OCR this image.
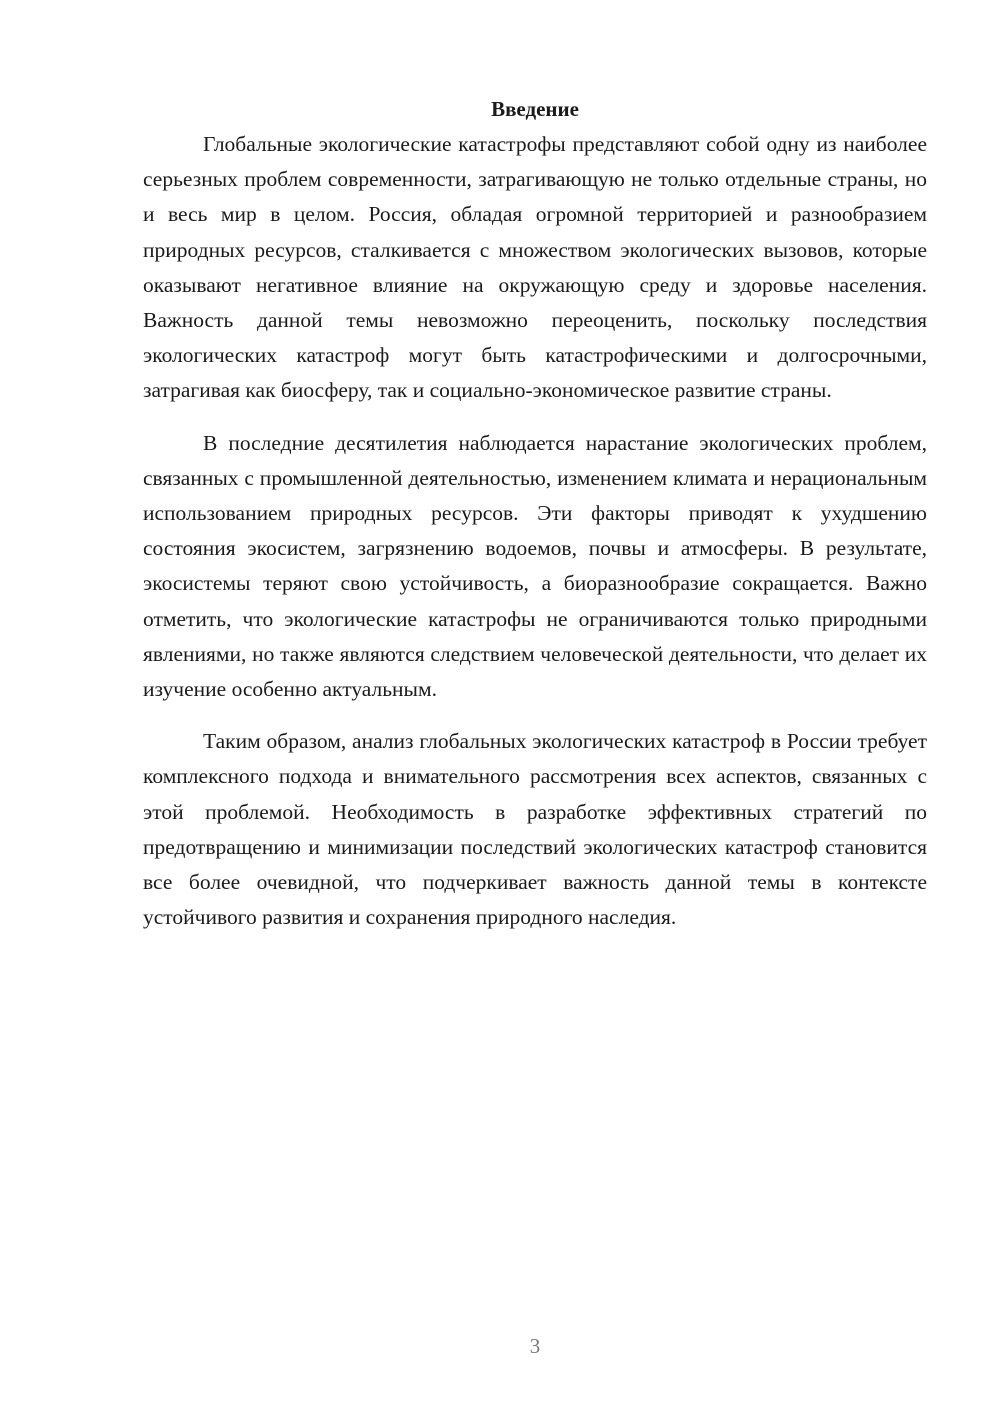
Введение

Глобальные экологические катастрофы представляют собой одну из наиболее серьезных проблем современности, затрагивающую не только отдельные страны, но и весь мир в целом. Россия, обладая огромной территорией и разнообразием природных ресурсов, сталкивается с множеством экологических вызовов, которые оказывают негативное влияние на окружающую среду и здоровье населения. Важность данной темы невозможно переоценить, поскольку последствия экологических катастроф могут быть катастрофическими и долгосрочными, затрагивая как биосферу, так и социально-экономическое развитие страны.

В последние десятилетия наблюдается нарастание экологических проблем, связанных с промышленной деятельностью, изменением климата и нерациональным использованием природных ресурсов. Эти факторы приводят к ухудшению состояния экосистем, загрязнению водоемов, почвы и атмосферы. В результате, экосистемы теряют свою устойчивость, а биоразнообразие сокращается. Важно отметить, что экологические катастрофы не ограничиваются только природными явлениями, но также являются следствием человеческой деятельности, что делает их изучение особенно актуальным.

Таким образом, анализ глобальных экологических катастроф в России требует комплексного подхода и внимательного рассмотрения всех аспектов, связанных с этой проблемой. Необходимость в разработке эффективных стратегий по предотвращению и минимизации последствий экологических катастроф становится все более очевидной, что подчеркивает важность данной темы в контексте устойчивого развития и сохранения природного наследия.

3
